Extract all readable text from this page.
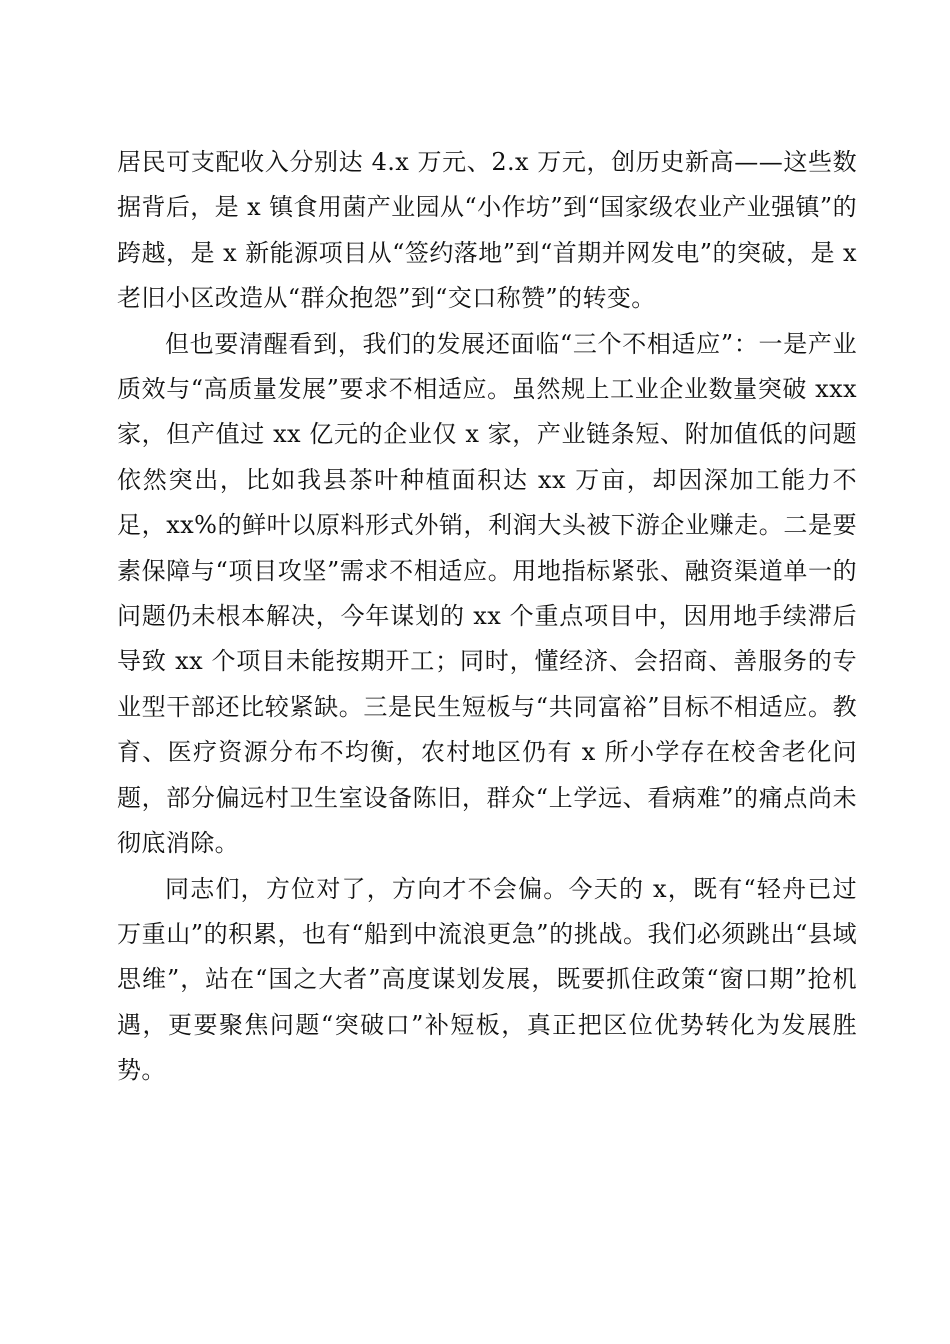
居民可支配收入分别达 4.x 万元、2.x 万元，创历史新高——这些数据背后，是 x 镇食用菌产业园从“小作坊”到“国家级农业产业强镇”的跨越，是 x 新能源项目从“签约落地”到“首期并网发电”的突破，是 x 老旧小区改造从“群众抱怨”到“交口称赞”的转变。

但也要清醒看到，我们的发展还面临“三个不相适应”：一是产业质效与“高质量发展”要求不相适应。虽然规上工业企业数量突破 xxx 家，但产值过 xx 亿元的企业仅 x 家，产业链条短、附加值低的问题依然突出，比如我县茶叶种植面积达 xx 万亩，却因深加工能力不足，xx%的鲜叶以原料形式外销，利润大头被下游企业赚走。二是要素保障与“项目攻坚”需求不相适应。用地指标紧张、融资渠道单一的问题仍未根本解决，今年谋划的 xx 个重点项目中，因用地手续滞后导致 xx 个项目未能按期开工；同时，懂经济、会招商、善服务的专业型干部还比较紧缺。三是民生短板与“共同富裕”目标不相适应。教育、医疗资源分布不均衡，农村地区仍有 x 所小学存在校舍老化问题，部分偏远村卫生室设备陈旧，群众“上学远、看病难”的痛点尚未彻底消除。

同志们，方位对了，方向才不会偏。今天的 x，既有“轻舟已过万重山”的积累，也有“船到中流浪更急”的挑战。我们必须跳出“县域思维”，站在“国之大者”高度谋划发展，既要抓住政策“窗口期”抢机遇，更要聚焦问题“突破口”补短板，真正把区位优势转化为发展胜势。
